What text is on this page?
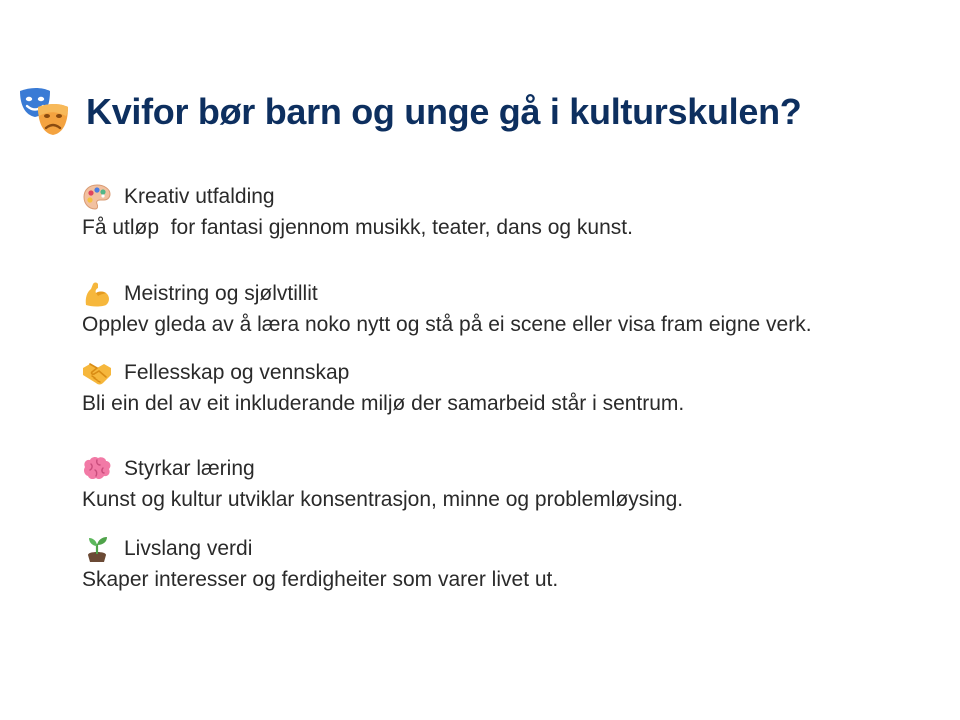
Kvifor bør barn og unge gå i kulturskulen?
Kreativ utfalding
Få utløp  for fantasi gjennom musikk, teater, dans og kunst.
Meistring og sjølvtillit
Opplev gleda av å læra noko nytt og stå på ei scene eller visa fram eigne verk.
Fellesskap og vennskap
Bli ein del av eit inkluderande miljø der samarbeid står i sentrum.
Styrkar læring
Kunst og kultur utviklar konsentrasjon, minne og problemløysing.
Livslang verdi
Skaper interesser og ferdigheiter som varer livet ut.
